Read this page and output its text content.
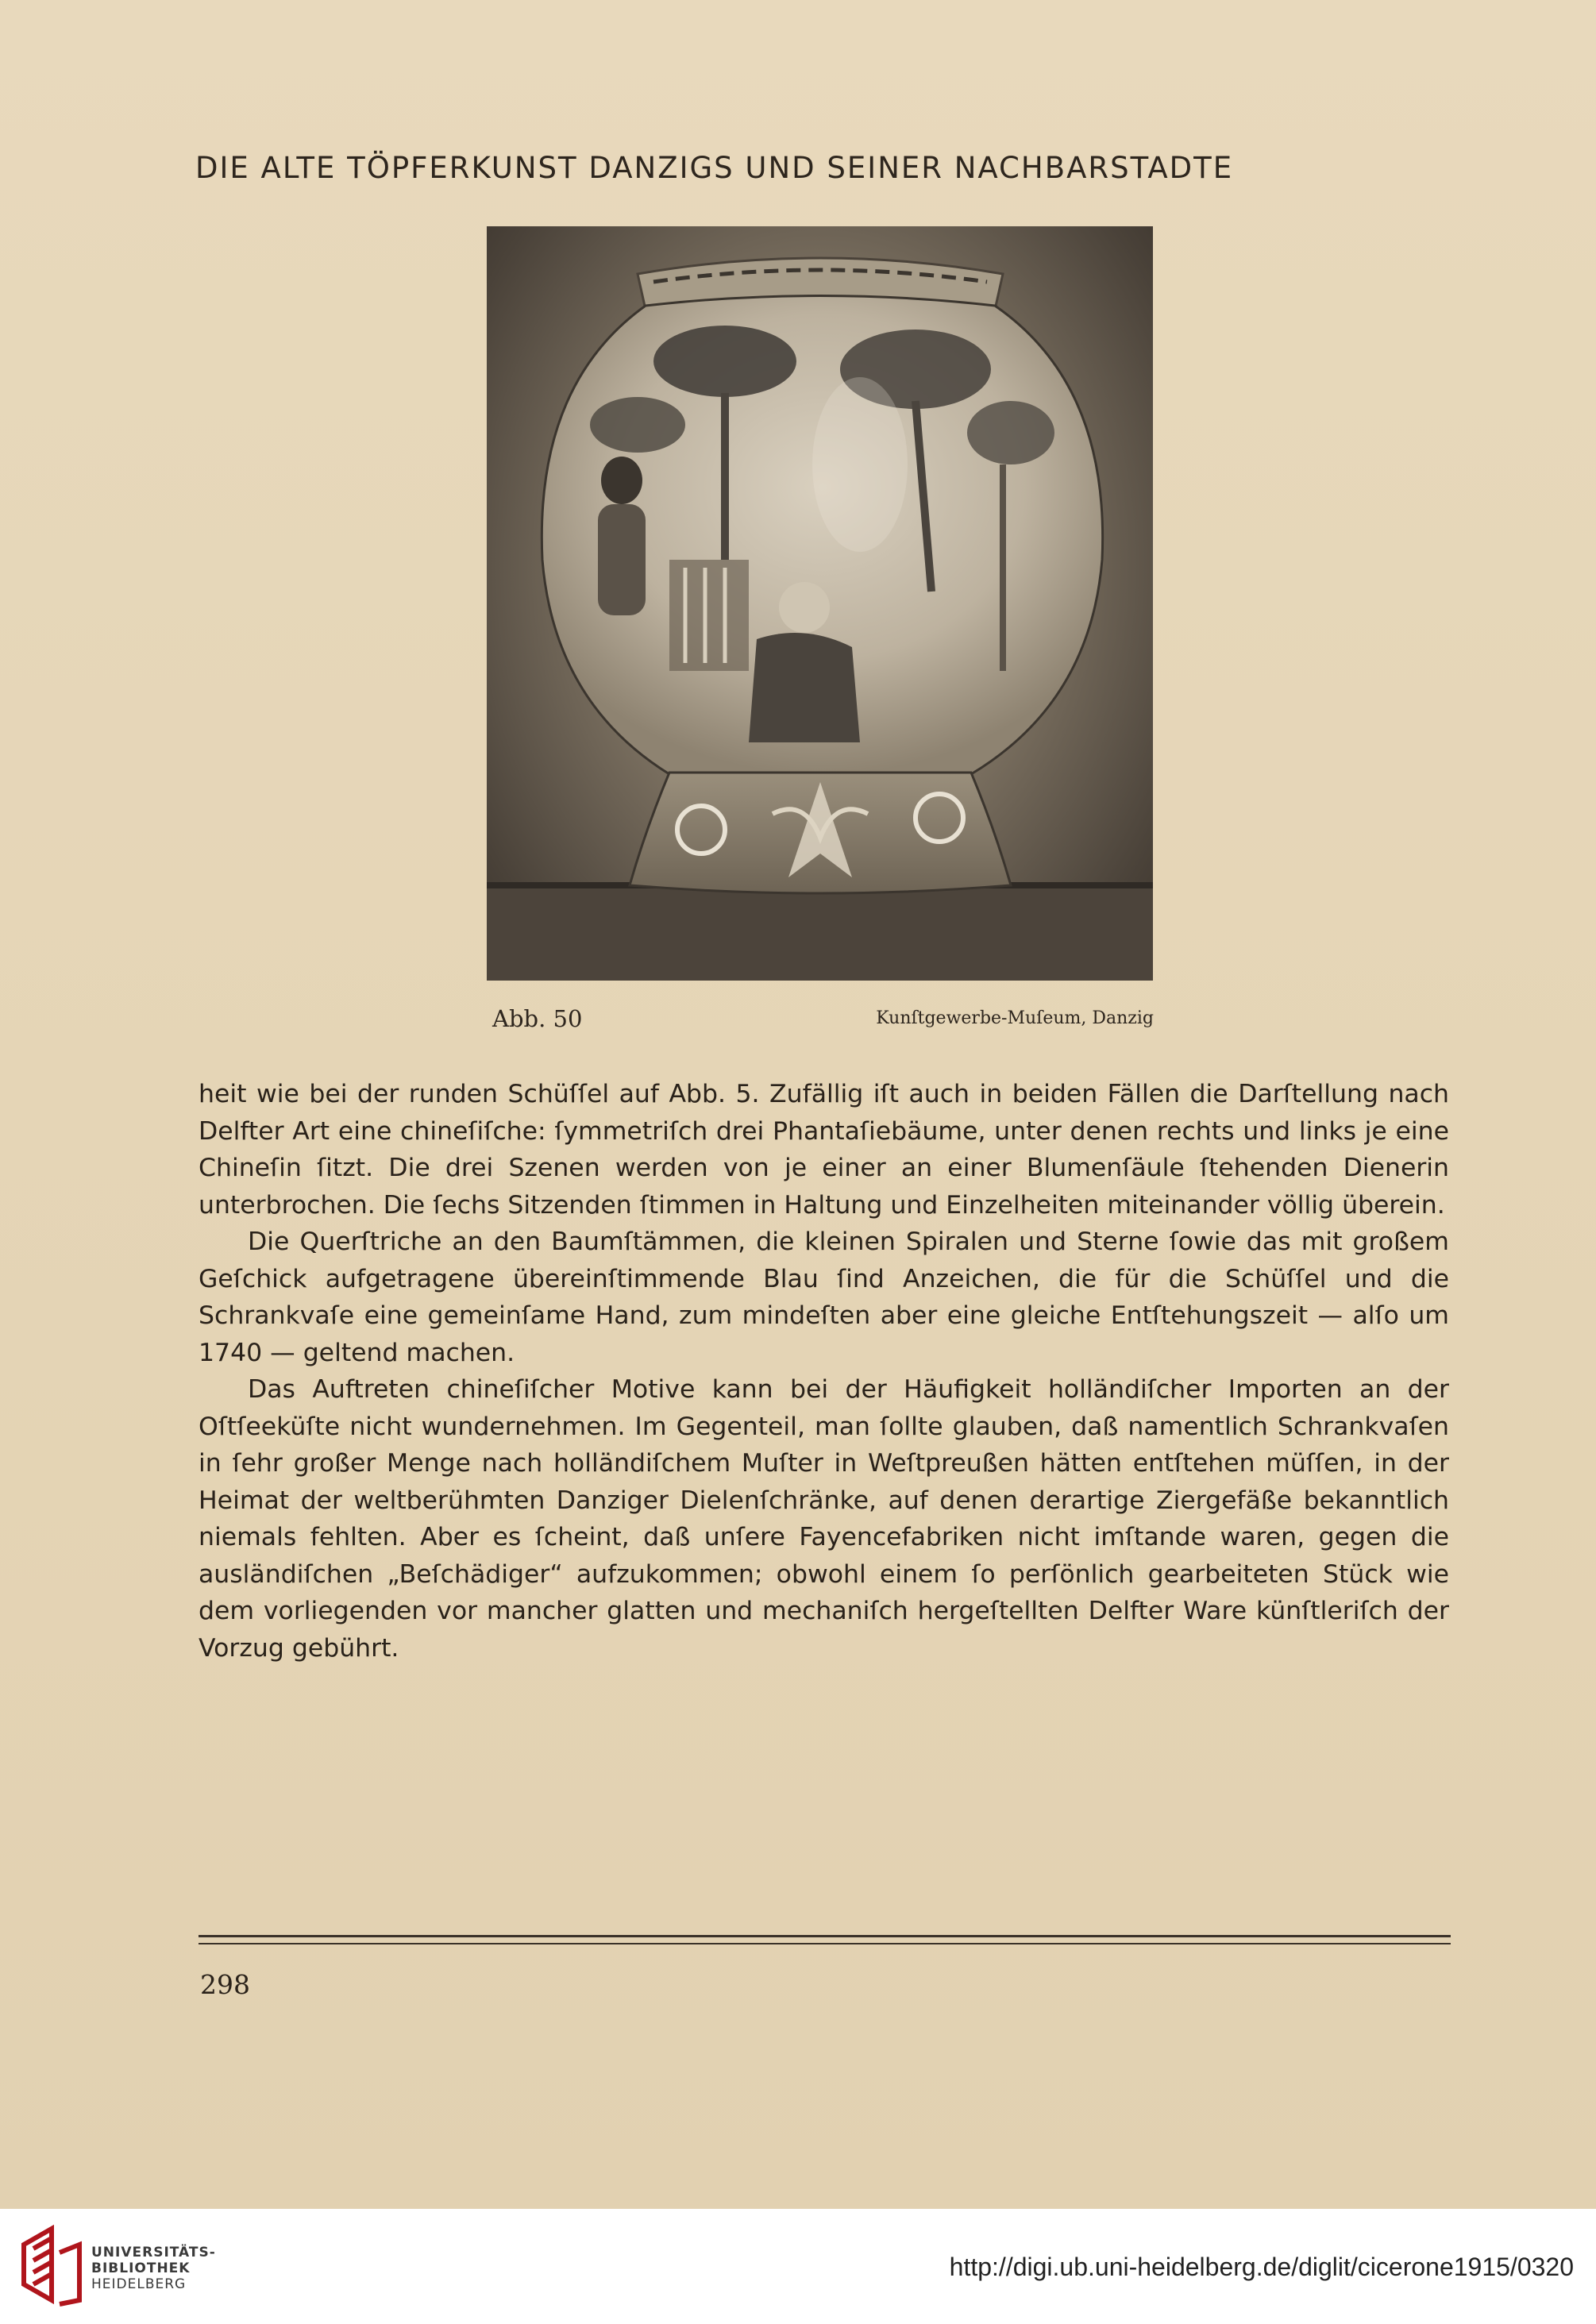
DIE ALTE TÖPFERKUNST DANZIGS UND SEINER NACHBARSTADTE
Abb. 50	Kunſtgewerbe-Muſeum, Danzig

heit wie bei der runden Schüſſel auf Abb. 5. Zufällig iſt auch in beiden Fällen die Darſtellung nach Delfter Art eine chineſiſche: ſymmetriſch drei Phantaſiebäume, unter denen rechts und links je eine Chineſin ſitzt. Die drei Szenen werden von je einer an einer Blumenſäule ſtehenden Dienerin unterbrochen. Die ſechs Sitzenden ſtimmen in Haltung und Einzelheiten miteinander völlig überein.

Die Querſtriche an den Baumſtämmen, die kleinen Spiralen und Sterne ſowie das mit großem Geſchick aufgetragene übereinſtimmende Blau ſind Anzeichen, die für die Schüſſel und die Schrankvaſe eine gemeinſame Hand, zum mindeſten aber eine gleiche Entſtehungszeit — alſo um 1740 — geltend machen.

Das Auftreten chineſiſcher Motive kann bei der Häufigkeit holländiſcher Importen an der Oſtſeeküſte nicht wundernehmen. Im Gegenteil, man ſollte glauben, daß namentlich Schrankvaſen in ſehr großer Menge nach holländiſchem Muſter in Weſtpreußen hätten entſtehen müſſen, in der Heimat der weltberühmten Danziger Dielenſchränke, auf denen derartige Ziergefäße bekanntlich niemals fehlten. Aber es ſcheint, daß unſere Fayencefabriken nicht imſtande waren, gegen die ausländiſchen „Beſchädiger“ aufzukommen; obwohl einem ſo perſönlich gearbeiteten Stück wie dem vorliegenden vor mancher glatten und mechaniſch hergeſtellten Delfter Ware künſtleriſch der Vorzug gebührt.

298
UNIVERSITÄTS-
BIBLIOTHEK
HEIDELBERG
http://digi.ub.uni-heidelberg.de/diglit/cicerone1915/0320
